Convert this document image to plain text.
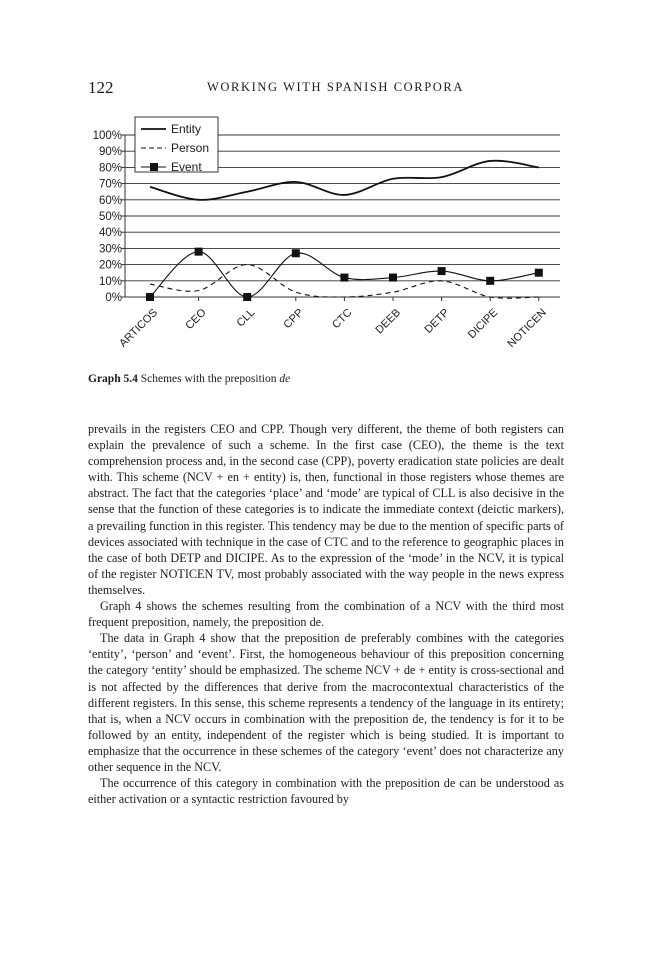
122	WORKING WITH SPANISH CORPORA
0%
10%
20%
30%
40%
50%
60%
70%
80%
90%
100%
ARTICOS CEO CLL CPP CTC DEEB DETP DICIPE NOTICEN
Entity
Person
Event
Graph 5.4 Schemes with the preposition de

prevails in the registers CEO and CPP. Though very different, the theme of both registers can explain the prevalence of such a scheme. In the first case (CEO), the theme is the text comprehension process and, in the second case (CPP), poverty eradication state policies are dealt with. This scheme (NCV + en + entity) is, then, functional in those registers whose themes are abstract. The fact that the categories ‘place’ and ‘mode’ are typical of CLL is also decisive in the sense that the function of these categories is to indicate the immediate context (deictic markers), a prevailing function in this register. This tendency may be due to the mention of specific parts of devices associated with technique in the case of CTC and to the reference to geographic places in the case of both DETP and DICIPE. As to the expression of the ‘mode’ in the NCV, it is typical of the register NOTICEN TV, most probably associated with the way people in the news express themselves.

Graph 4 shows the schemes resulting from the combination of a NCV with the third most frequent preposition, namely, the preposition de.

The data in Graph 4 show that the preposition de preferably combines with the categories ‘entity’, ‘person’ and ‘event’. First, the homogeneous behaviour of this preposition concerning the category ‘entity’ should be emphasized. The scheme NCV + de + entity is cross-sectional and is not affected by the differences that derive from the macrocontextual characteristics of the different registers. In this sense, this scheme represents a tendency of the language in its entirety; that is, when a NCV occurs in combination with the preposition de, the tendency is for it to be followed by an entity, independent of the register which is being studied. It is important to emphasize that the occurrence in these schemes of the category ‘event’ does not characterize any other sequence in the NCV.

The occurrence of this category in combination with the preposition de can be understood as either activation or a syntactic restriction favoured by
